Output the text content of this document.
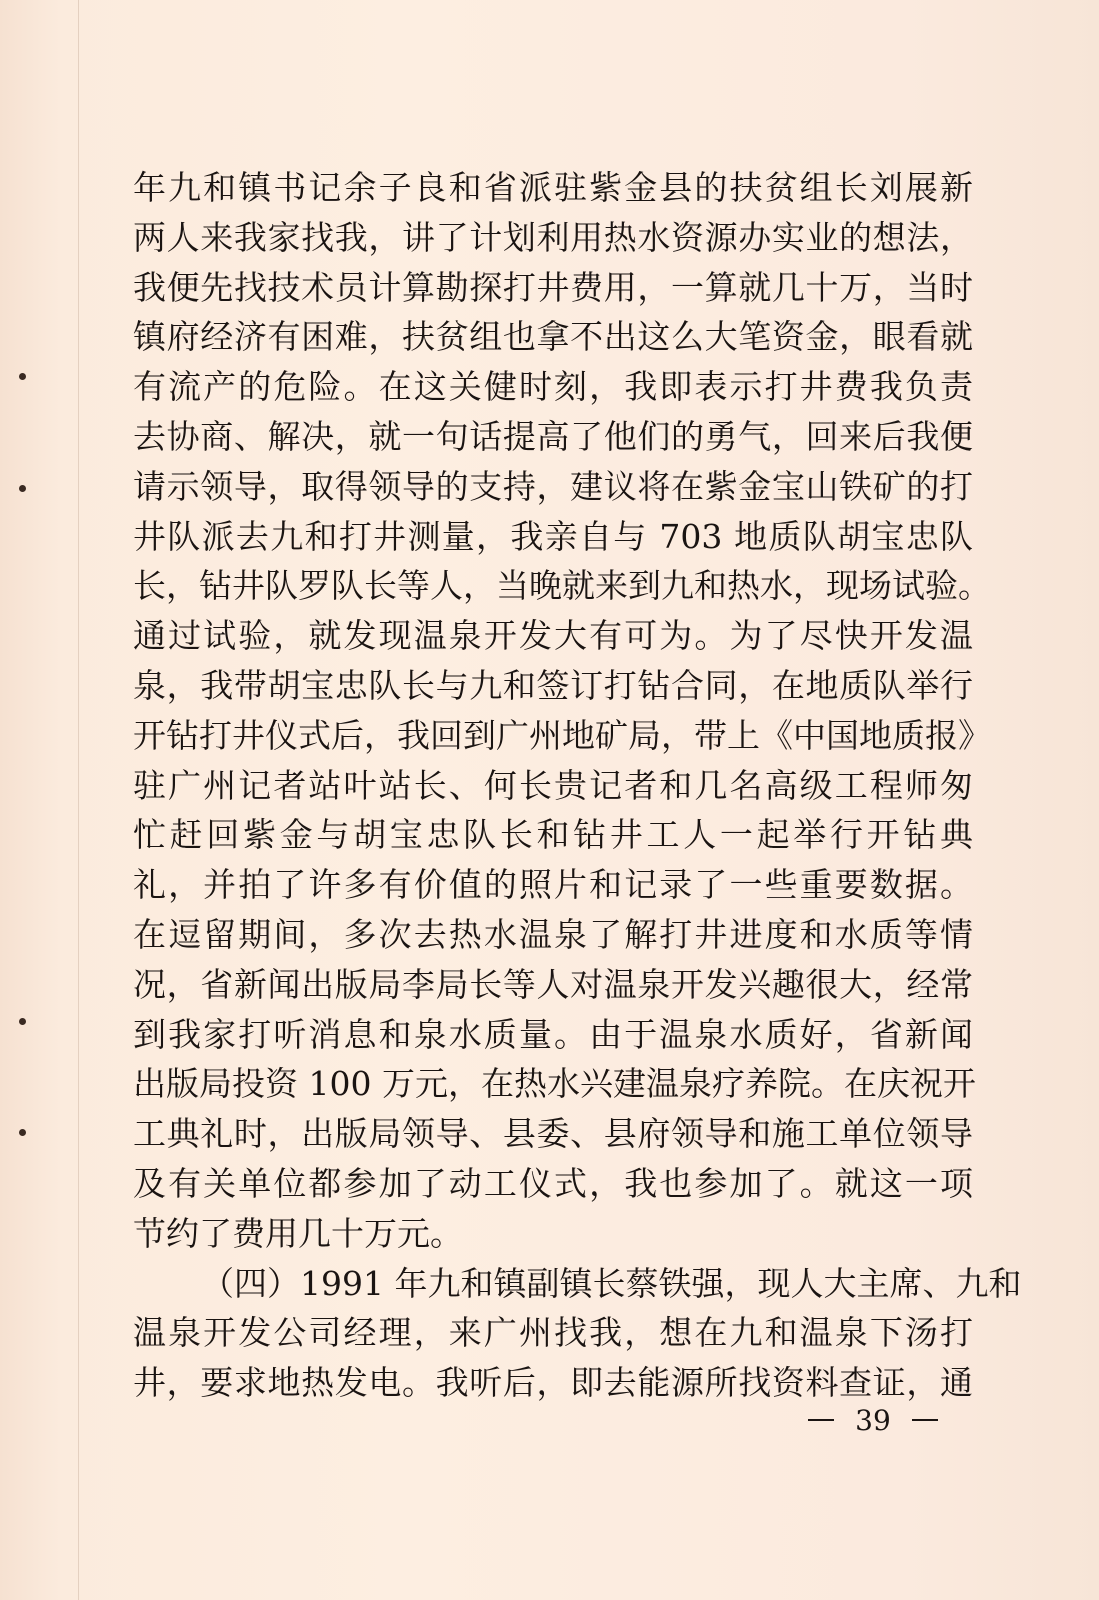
年九和镇书记余子良和省派驻紫金县的扶贫组长刘展新
两人来我家找我，讲了计划利用热水资源办实业的想法，
我便先找技术员计算勘探打井费用，一算就几十万，当时
镇府经济有困难，扶贫组也拿不出这么大笔资金，眼看就
有流产的危险。在这关健时刻，我即表示打井费我负责
去协商、解决，就一句话提高了他们的勇气，回来后我便
请示领导，取得领导的支持，建议将在紫金宝山铁矿的打
井队派去九和打井测量，我亲自与 703 地质队胡宝忠队
长，钻井队罗队长等人，当晚就来到九和热水，现场试验。
通过试验，就发现温泉开发大有可为。为了尽快开发温
泉，我带胡宝忠队长与九和签订打钻合同，在地质队举行
开钻打井仪式后，我回到广州地矿局，带上《中国地质报》
驻广州记者站叶站长、何长贵记者和几名高级工程师匆
忙赶回紫金与胡宝忠队长和钻井工人一起举行开钻典
礼，并拍了许多有价值的照片和记录了一些重要数据。
在逗留期间，多次去热水温泉了解打井进度和水质等情
况，省新闻出版局李局长等人对温泉开发兴趣很大，经常
到我家打听消息和泉水质量。由于温泉水质好，省新闻
出版局投资 100 万元，在热水兴建温泉疗养院。在庆祝开
工典礼时，出版局领导、县委、县府领导和施工单位领导
及有关单位都参加了动工仪式，我也参加了。就这一项
节约了费用几十万元。
（四）1991 年九和镇副镇长蔡铁强，现人大主席、九和
温泉开发公司经理，来广州找我，想在九和温泉下汤打
井，要求地热发电。我听后，即去能源所找资料查证，通
39
